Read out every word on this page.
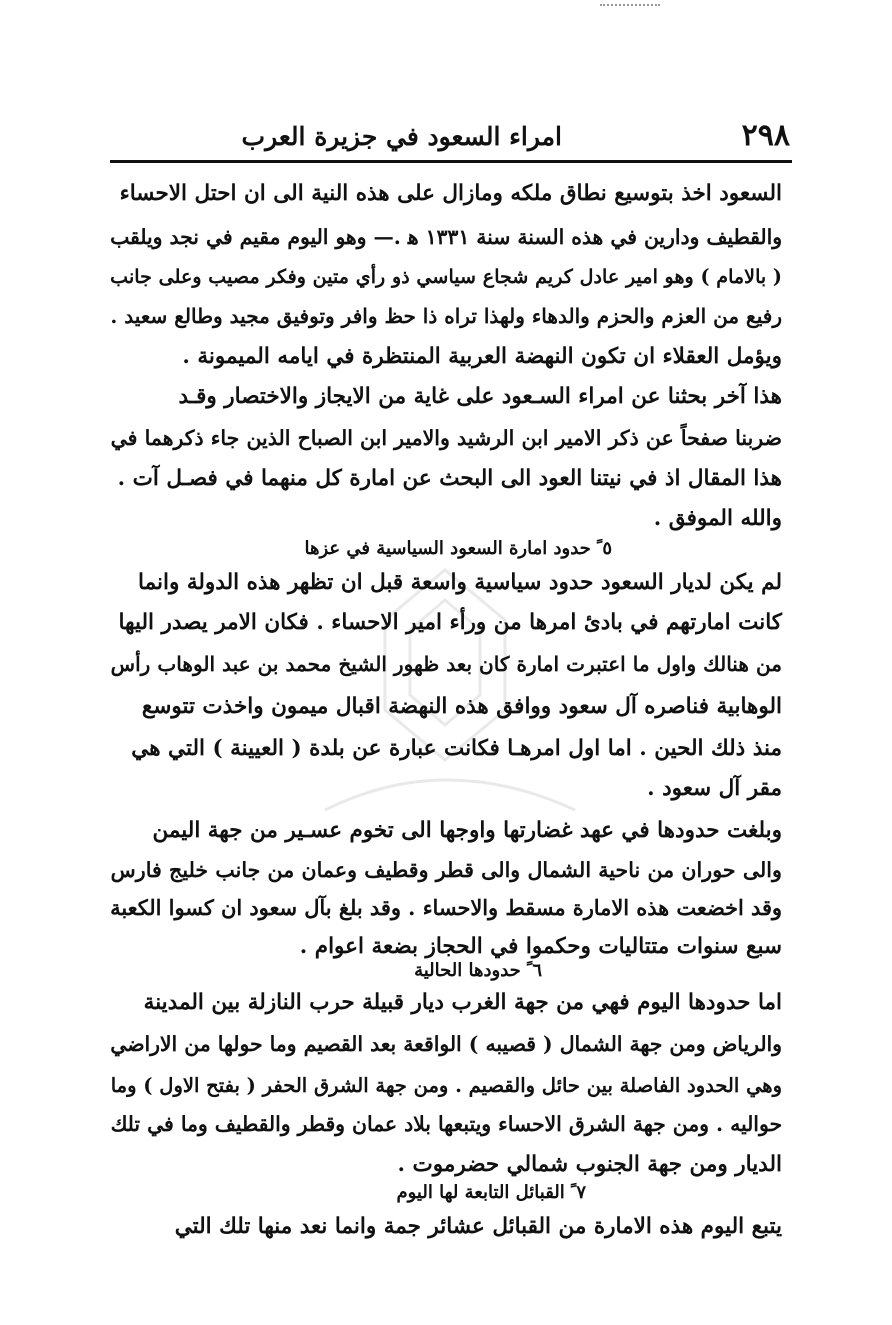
٢٩٨
امراء السعود في جزيرة العرب
السعود اخذ بتوسيع نطاق ملكه ومازال على هذه النية الى ان احتل الاحساء
والقطيف ودارين في هذه السنة سنة ١٣٣١ ﻫ .— وهو اليوم مقيم في نجد ويلقب
( بالامام ) وهو امير عادل كريم شجاع سياسي ذو رأي متين وفكر مصيب وعلى جانب
رفيع من العزم والحزم والدهاء ولهذا تراه ذا حظ وافر وتوفيق مجيد وطالع سعيد .
ويؤمل العقلاء ان تكون النهضة العربية المنتظرة في ايامه الميمونة .
هذا آخر بحثنا عن امراء السـعود على غاية من الايجاز والاختصار وقـد
ضربنا صفحاً عن ذكر الامير ابن الرشيد والامير ابن الصباح الذين جاء ذكرهما في
هذا المقال اذ في نيتنا العود الى البحث عن امارة كل منهما في فصـل آت .
والله الموفق .
٥ ً حدود امارة السعود السياسية في عزها
لم يكن لديار السعود حدود سياسية واسعة قبل ان تظهر هذه الدولة وانما
كانت امارتهم في بادئ امرها من ورأء امير الاحساء . فكان الامر يصدر اليها
من هنالك واول ما اعتبرت امارة كان بعد ظهور الشيخ محمد بن عبد الوهاب رأس
الوهابية فناصره آل سعود ووافق هذه النهضة اقبال ميمون واخذت تتوسع
منذ ذلك الحين . اما اول امرهـا فكانت عبارة عن بلدة ( العيينة ) التي هي
مقر آل سعود .
وبلغت حدودها في عهد غضارتها واوجها الى تخوم عسـير من جهة اليمن
والى حوران من ناحية الشمال والى قطر وقطيف وعمان من جانب خليج فارس
وقد اخضعت هذه الامارة مسقط والاحساء . وقد بلغ بآل سعود ان كسوا الكعبة
سبع سنوات متتاليات وحكموا في الحجاز بضعة اعوام .
٦ ً حدودها الحالية
اما حدودها اليوم فهي من جهة الغرب ديار قبيلة حرب النازلة بين المدينة
والرياض ومن جهة الشمال ( قصيبه ) الواقعة بعد القصيم وما حولها من الاراضي
وهي الحدود الفاصلة بين حائل والقصيم . ومن جهة الشرق الحفر ( بفتح الاول ) وما
حواليه . ومن جهة الشرق الاحساء ويتبعها بلاد عمان وقطر والقطيف وما في تلك
الديار ومن جهة الجنوب شمالي حضرموت .
٧ ً القبائل التابعة لها اليوم
يتبع اليوم هذه الامارة من القبائل عشائر جمة وانما نعد منها تلك التي
